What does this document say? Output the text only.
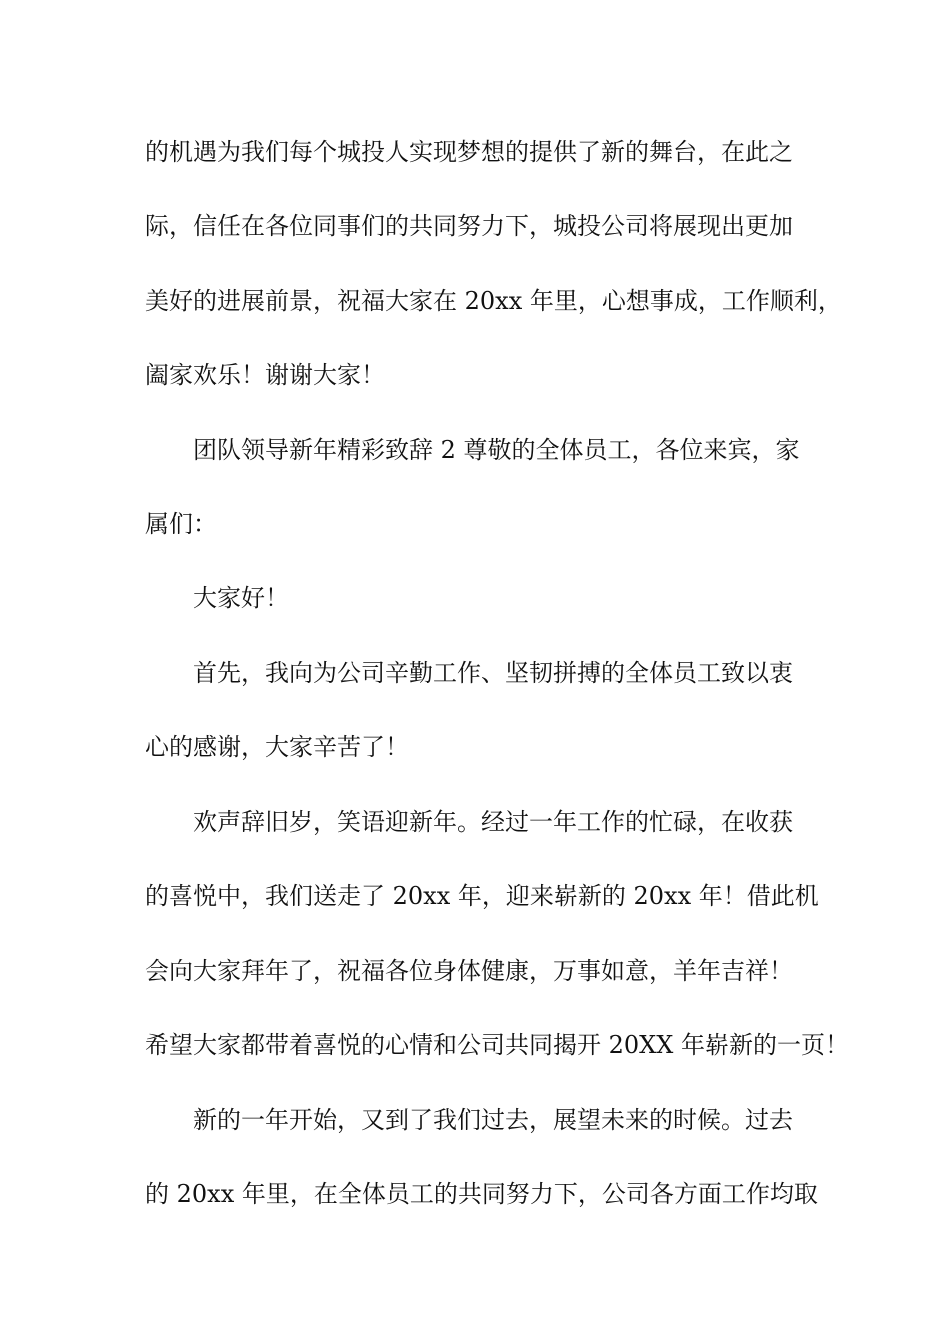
的机遇为我们每个城投人实现梦想的提供了新的舞台，在此之
际，信任在各位同事们的共同努力下，城投公司将展现出更加
美好的进展前景，祝福大家在 20xx 年里，心想事成，工作顺利，
阖家欢乐！谢谢大家！
团队领导新年精彩致辞 2 尊敬的全体员工，各位来宾，家
属们：
大家好！
首先，我向为公司辛勤工作、坚韧拼搏的全体员工致以衷
心的感谢，大家辛苦了！
欢声辞旧岁，笑语迎新年。经过一年工作的忙碌，在收获
的喜悦中，我们送走了 20xx 年，迎来崭新的 20xx 年！借此机
会向大家拜年了，祝福各位身体健康，万事如意，羊年吉祥！
希望大家都带着喜悦的心情和公司共同揭开 20XX 年崭新的一页！
新的一年开始，又到了我们过去，展望未来的时候。过去
的 20xx 年里，在全体员工的共同努力下，公司各方面工作均取
